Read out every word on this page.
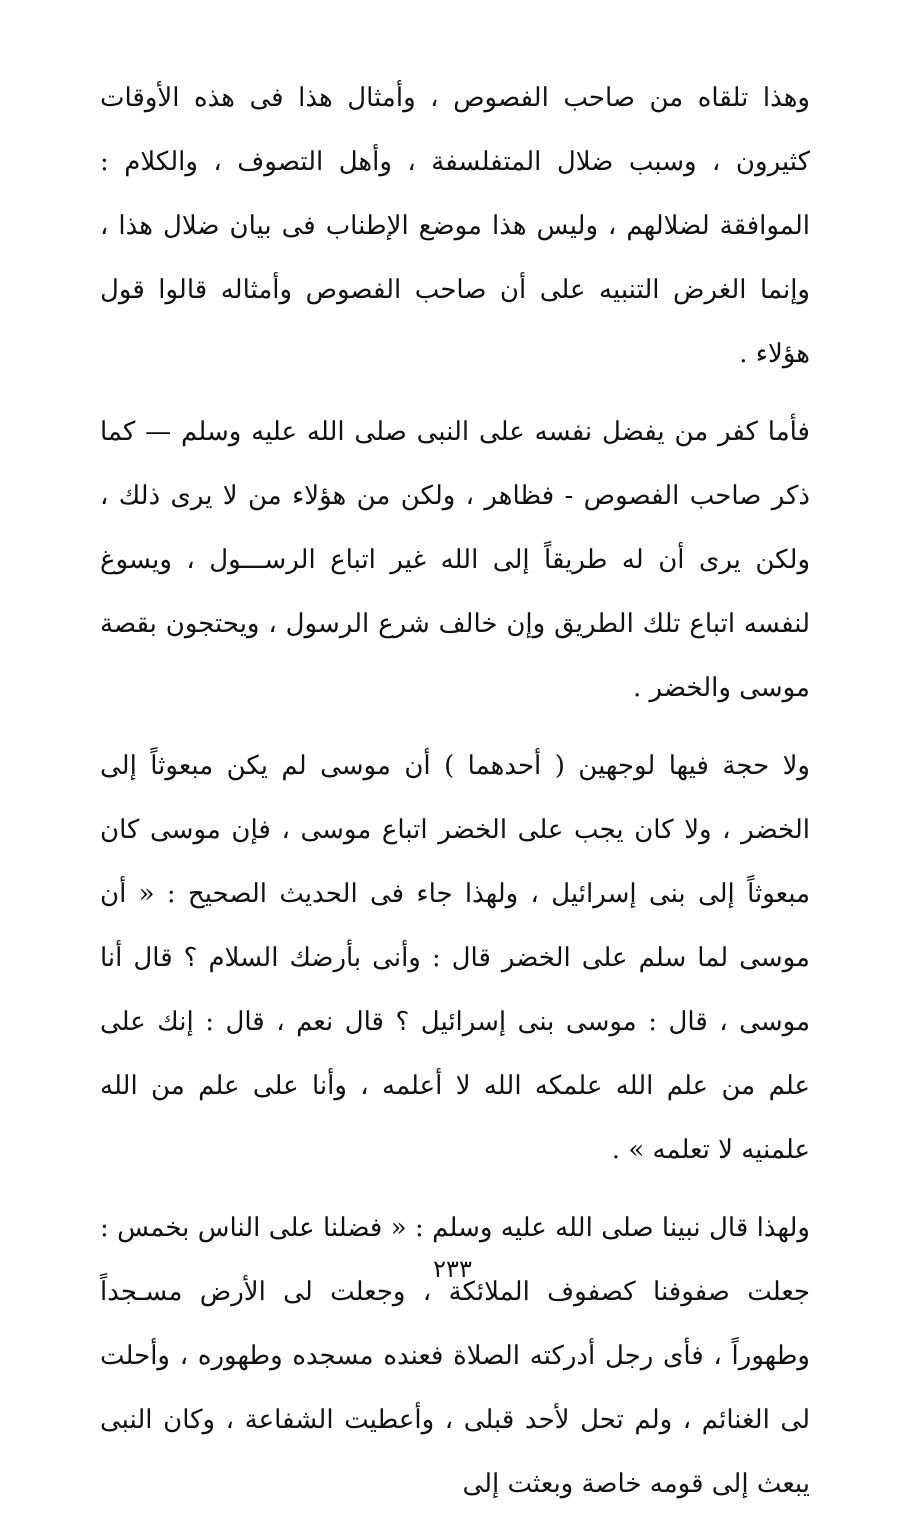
وهذا تلقاه من صاحب الفصوص ، وأمثال هذا فى هذه الأوقات كثيرون ، وسبب ضلال المتفلسفة ، وأهل التصوف ، والكلام : الموافقة لضلالهم ، وليس هذا موضع الإطناب فى بيان ضلال هذا ، وإنما الغرض التنبيه على أن صاحب الفصوص وأمثاله قالوا قول هؤلاء .

فأما كفر من يفضل نفسه على النبى صلى الله عليه وسلم — كما ذكر صاحب الفصوص - فظاهر ، ولكن من هؤلاء من لا يرى ذلك ، ولكن يرى أن له طريقاً إلى الله غير اتباع الرســـول ، ويسوغ لنفسه اتباع تلك الطريق وإن خالف شرع الرسول ، ويحتجون بقصة موسى والخضر .

ولا حجة فيها لوجهين ( أحدهما ) أن موسى لم يكن مبعوثاً إلى الخضر ، ولا كان يجب على الخضر اتباع موسى ، فإن موسى كان مبعوثاً إلى بنى إسرائيل ، ولهذا جاء فى الحديث الصحيح : « أن موسى لما سلم على الخضر قال : وأنى بأرضك السلام ؟ قال أنا موسى ، قال : موسى بنى إسرائيل ؟ قال نعم ، قال : إنك على علم من علم الله علمكه الله لا أعلمه ، وأنا على علم من الله علمنيه لا تعلمه » .

ولهذا قال نبينا صلى الله عليه وسلم : « فضلنا على الناس بخمس : جعلت صفوفنا كصفوف الملائكة ، وجعلت لى الأرض مسـجداً وطهوراً ، فأى رجل أدركته الصلاة فعنده مسجده وطهوره ، وأحلت لى الغنائم ، ولم تحل لأحد قبلى ، وأعطيت الشفاعة ، وكان النبى يبعث إلى قومه خاصة وبعثت إلى

٢٣٣
